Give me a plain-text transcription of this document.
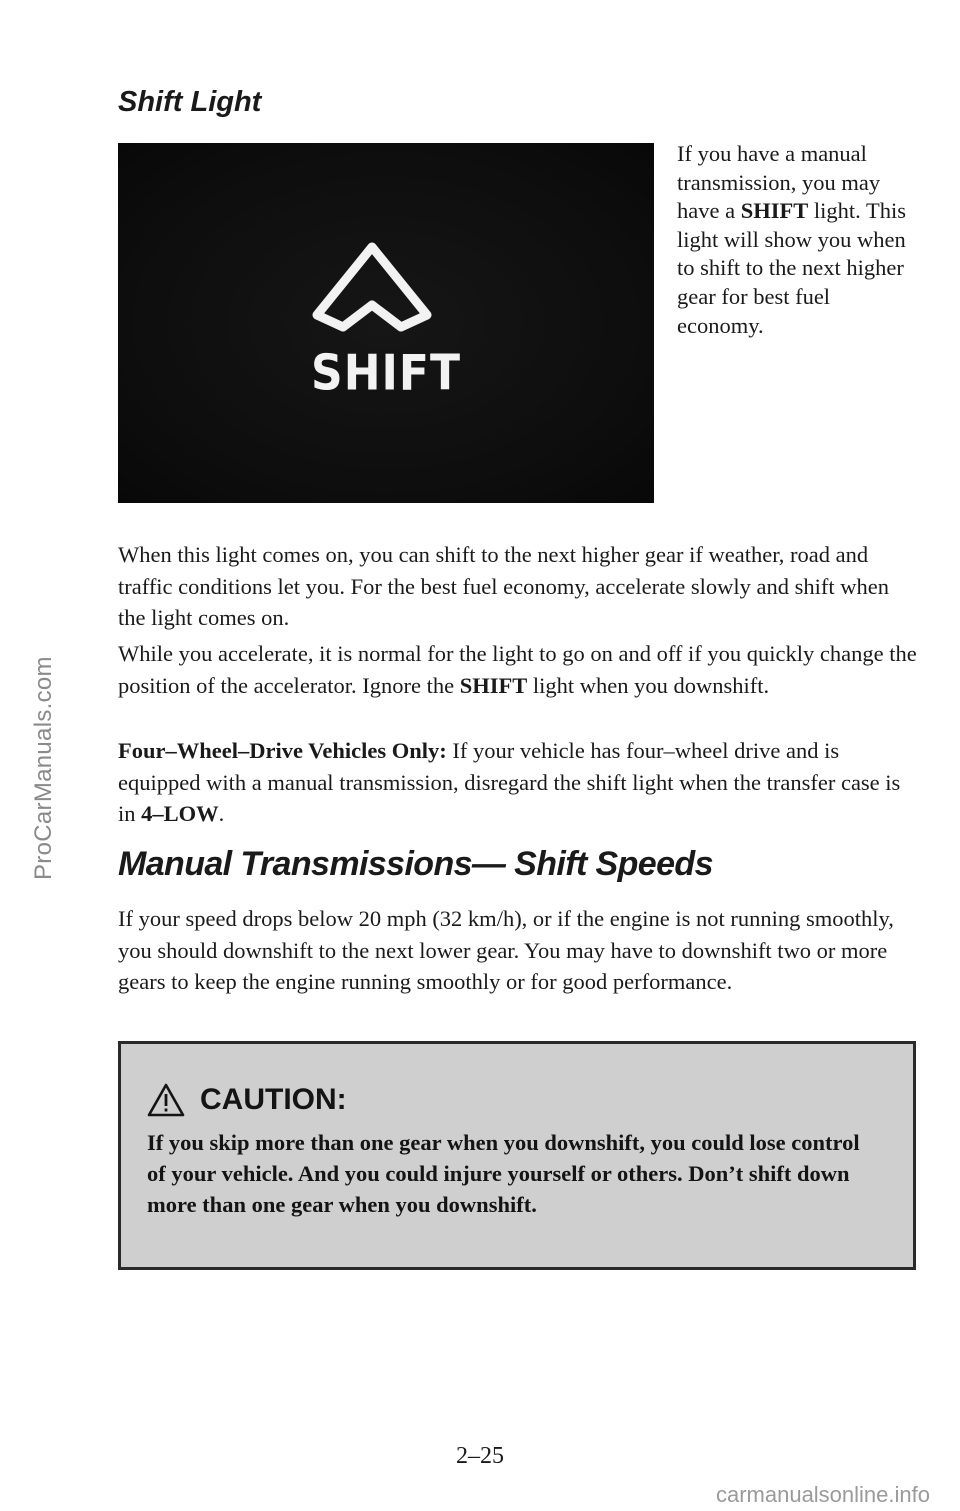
ProCarManuals.com
Shift Light
SHIFT

If you have a manual transmission, you may have a SHIFT light. This light will show you when to shift to the next higher gear for best fuel economy.

When this light comes on, you can shift to the next higher gear if weather, road and traffic conditions let you. For the best fuel economy, accelerate slowly and shift when the light comes on.

While you accelerate, it is normal for the light to go on and off if you quickly change the position of the accelerator. Ignore the SHIFT light when you downshift.

Four–Wheel–Drive Vehicles Only: If your vehicle has four–wheel drive and is equipped with a manual transmission, disregard the shift light when the transfer case is in 4–LOW.

Manual Transmissions— Shift Speeds

If your speed drops below 20 mph (32 km/h), or if the engine is not running smoothly, you should downshift to the next lower gear. You may have to downshift two or more gears to keep the engine running smoothly or for good performance.

CAUTION:

If you skip more than one gear when you downshift, you could lose control of your vehicle. And you could injure yourself or others. Don’t shift down more than one gear when you downshift.

2–25
carmanualsonline.info
